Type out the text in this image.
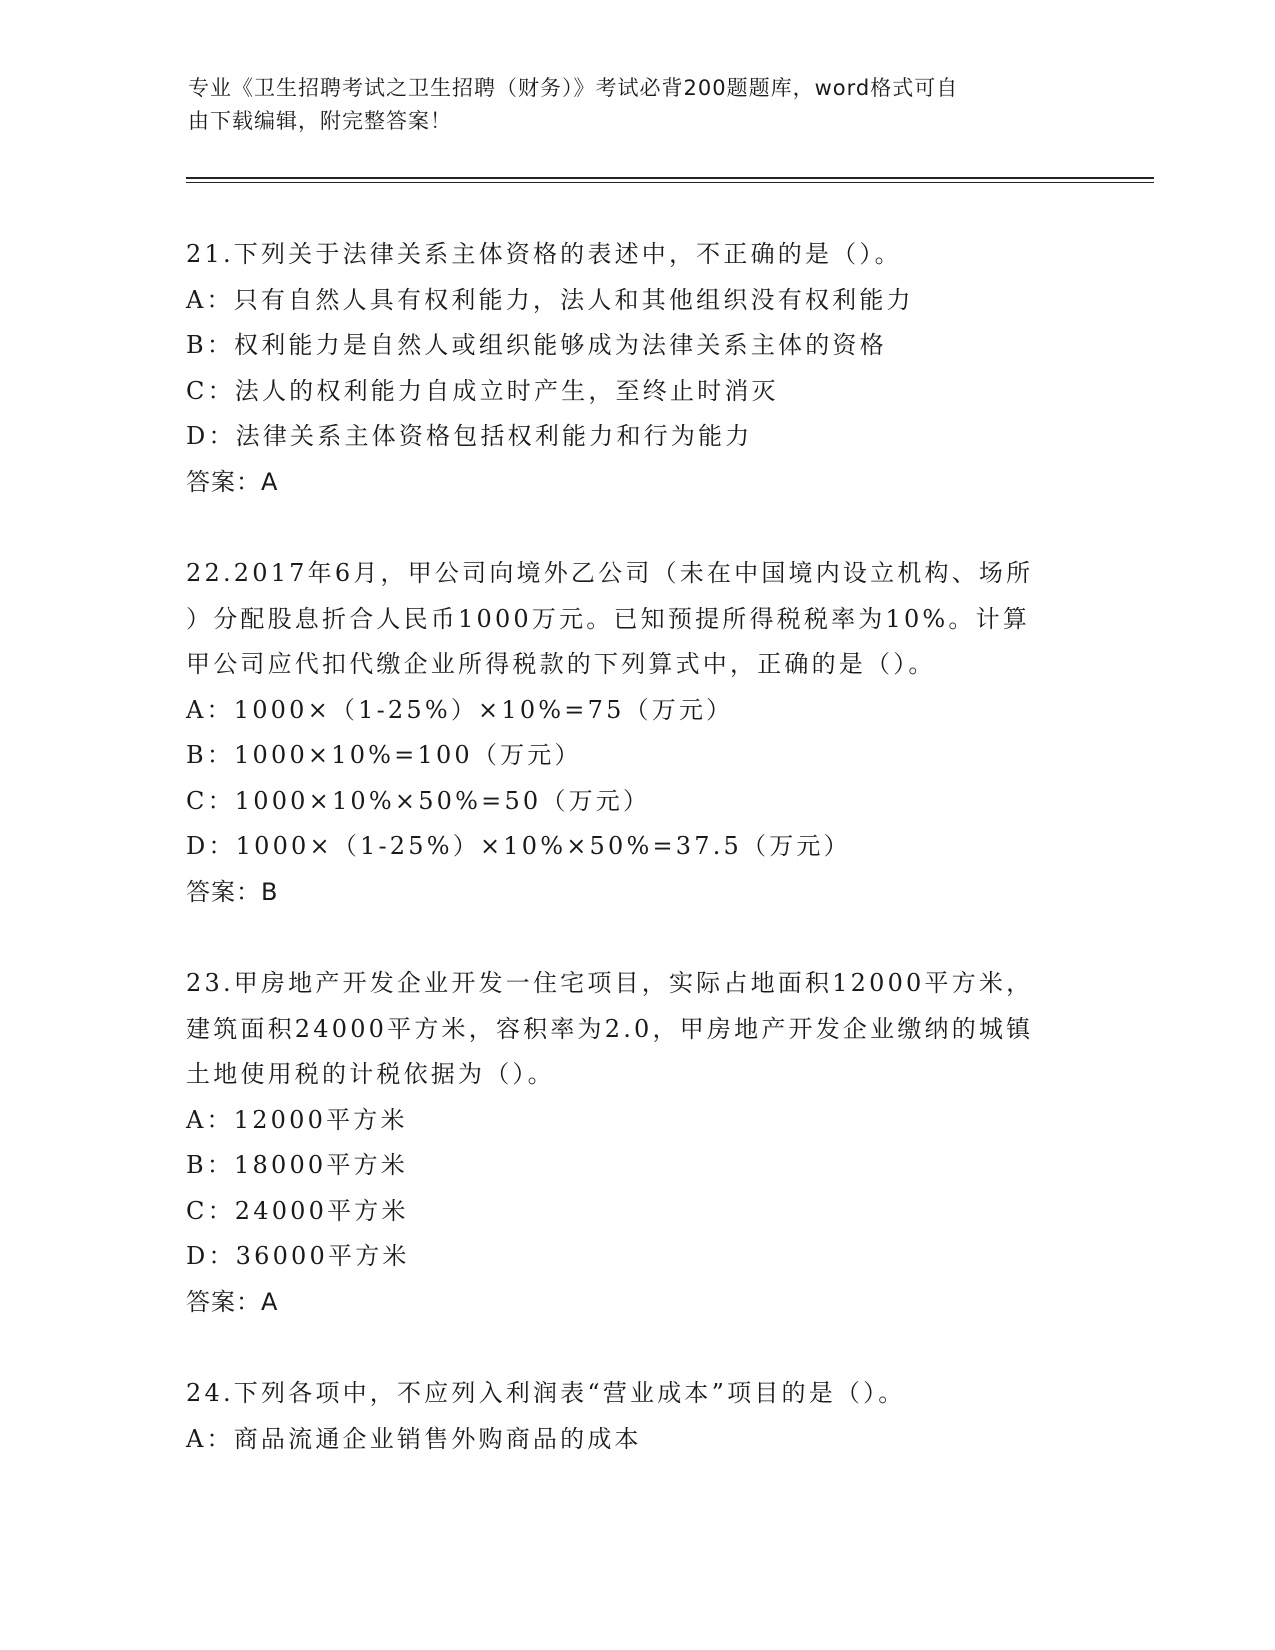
专业《卫生招聘考试之卫生招聘（财务）》考试必背200题题库，word格式可自
由下载编辑，附完整答案！
21.下列关于法律关系主体资格的表述中，不正确的是（）。
A：只有自然人具有权利能力，法人和其他组织没有权利能力
B：权利能力是自然人或组织能够成为法律关系主体的资格
C：法人的权利能力自成立时产生，至终止时消灭
D：法律关系主体资格包括权利能力和行为能力
答案：A
22.2017年6月，甲公司向境外乙公司（未在中国境内设立机构、场所
）分配股息折合人民币1000万元。已知预提所得税税率为10%。计算
甲公司应代扣代缴企业所得税款的下列算式中，正确的是（）。
A：1000×（1-25%）×10%=75（万元）
B：1000×10%=100（万元）
C：1000×10%×50%=50（万元）
D：1000×（1-25%）×10%×50%=37.5（万元）
答案：B
23.甲房地产开发企业开发一住宅项目，实际占地面积12000平方米，
建筑面积24000平方米，容积率为2.0，甲房地产开发企业缴纳的城镇
土地使用税的计税依据为（）。
A：12000平方米
B：18000平方米
C：24000平方米
D：36000平方米
答案：A
24.下列各项中，不应列入利润表“营业成本”项目的是（）。
A：商品流通企业销售外购商品的成本
